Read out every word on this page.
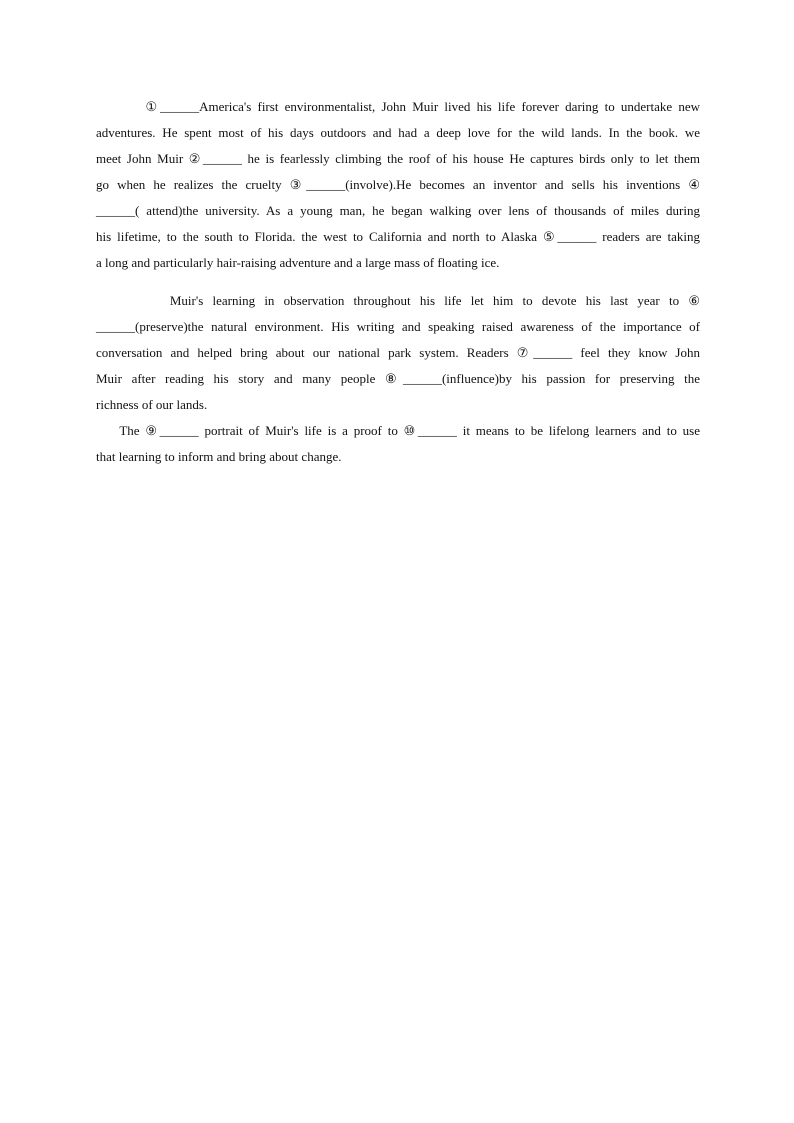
①______America's first environmentalist, John Muir lived his life forever daring to undertake new
adventures. He spent most of his days outdoors and had a deep love for the wild lands. In the book. we
meet John Muir ②______ he is fearlessly climbing the roof of his house He captures birds only to let them
go when he realizes the cruelty ③______(involve).He becomes an inventor and sells his inventions ④
______( attend)the university. As a young man, he began walking over lens of thousands of miles during
his lifetime, to the south to Florida. the west to California and north to Alaska ⑤______ readers are taking
a long and particularly hair-raising adventure and a large mass of floating ice.
Muir's learning in observation throughout his life let him to devote his last year to ⑥
______(preserve)the natural environment. His writing and speaking raised awareness of the importance of
conversation and helped bring about our national park system. Readers ⑦______ feel they know John
Muir after reading his story and many people ⑧______(influence)by his passion for preserving the
richness of our lands.
The ⑨______ portrait of Muir's life is a proof to ⑩______ it means to be lifelong learners and to use
that learning to inform and bring about change.
